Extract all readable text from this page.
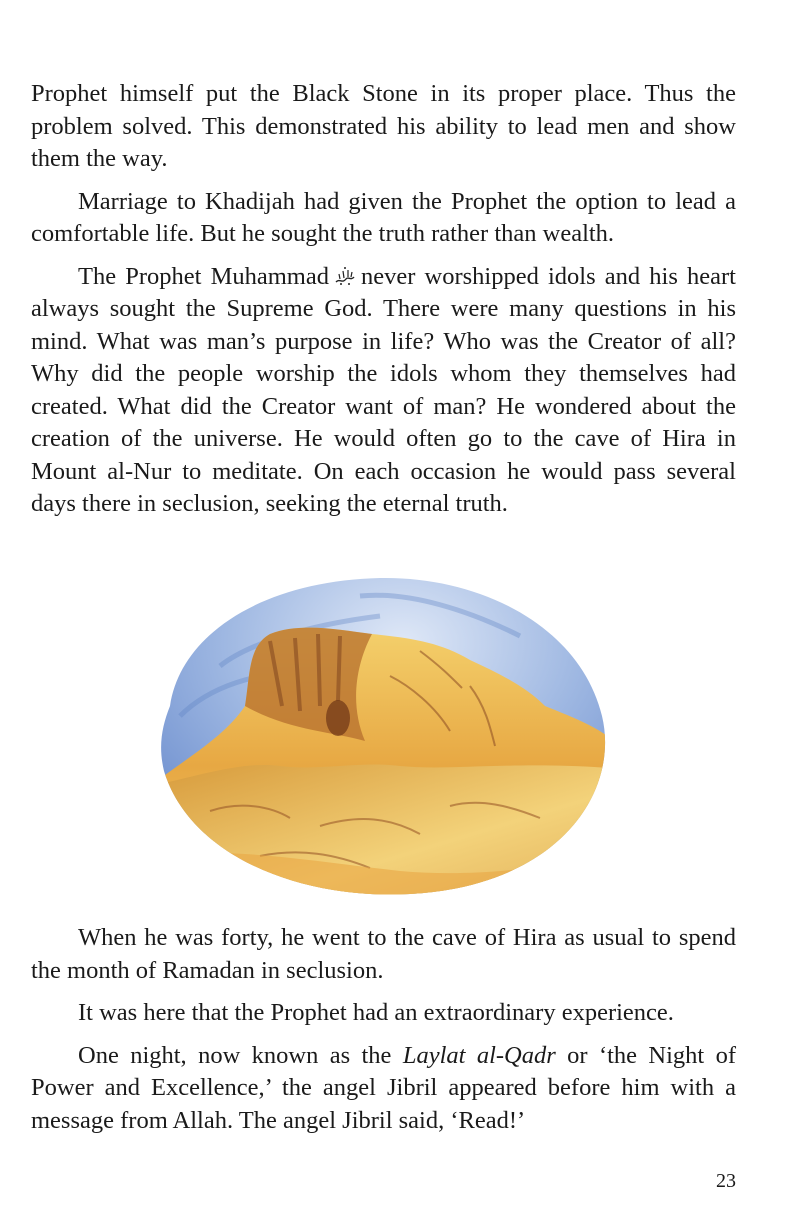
Prophet himself put the Black Stone in its proper place. Thus the problem solved. This demonstrated his ability to lead men and show them the way.

Marriage to Khadijah had given the Prophet the option to lead a comfortable life. But he sought the truth rather than wealth.

The Prophet Muhammad never worshipped idols and his heart always sought the Supreme God. There were many questions in his mind. What was man’s purpose in life? Who was the Creator of all? Why did the people worship the idols whom they themselves had created. What did the Creator want of man? He wondered about the creation of the universe. He would often go to the cave of Hira in Mount al-Nur to meditate. On each occasion he would pass several days there in seclusion, seeking the eternal truth.

When he was forty, he went to the cave of Hira as usual to spend the month of Ramadan in seclusion.

It was here that the Prophet had an extraordinary experience.

One night, now known as the Laylat al-Qadr or ‘the Night of Power and Excellence,’ the angel Jibril appeared before him with a message from Allah. The angel Jibril said, ‘Read!’

23
